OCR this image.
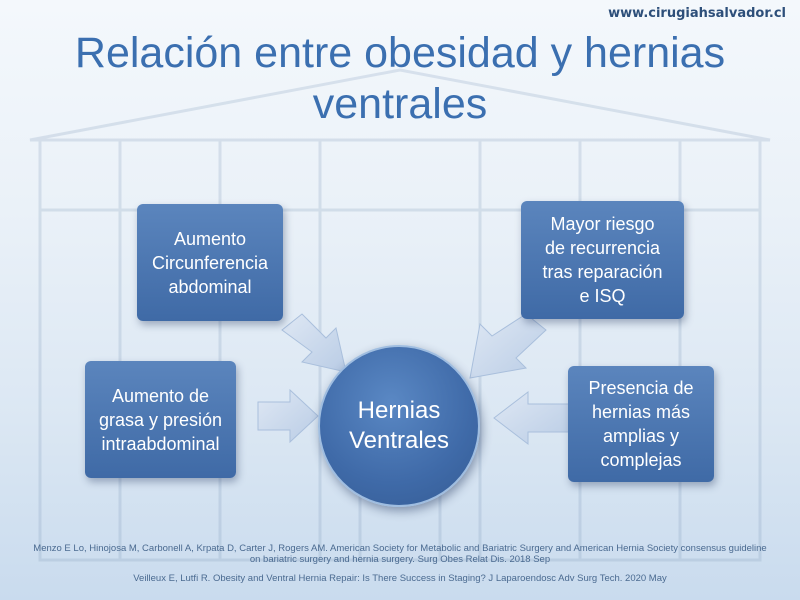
www.cirugiahsalvador.cl
Relación entre obesidad y hernias
ventrales
Aumento
Circunferencia
abdominal
Aumento de
grasa y presión
intraabdominal
Mayor riesgo
de recurrencia
tras reparación
e ISQ
Presencia de
hernias más
amplias y
complejas
Hernias
Ventrales
Menzo E Lo, Hinojosa M, Carbonell A, Krpata D, Carter J, Rogers AM. American Society for Metabolic and Bariatric Surgery and American Hernia Society consensus guideline on bariatric surgery and hernia surgery. Surg Obes Relat Dis. 2018 Sep
Veilleux E, Lutfi R. Obesity and Ventral Hernia Repair: Is There Success in Staging? J Laparoendosc Adv Surg Tech. 2020 May
